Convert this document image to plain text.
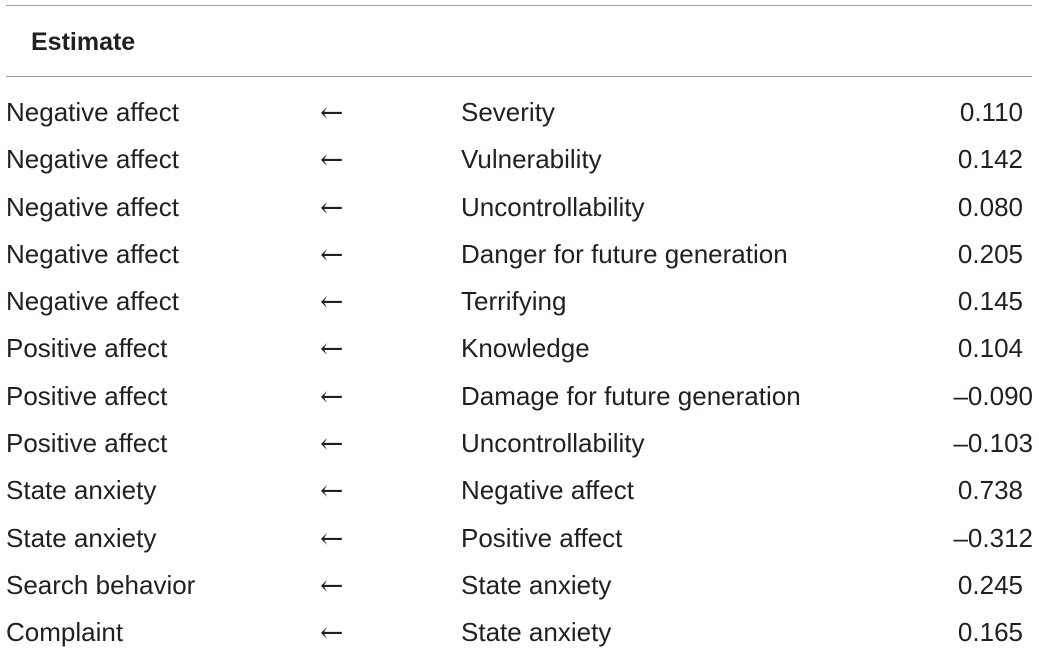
Estimate
Negative affect	←	Severity	0.110
Negative affect	←	Vulnerability	0.142
Negative affect	←	Uncontrollability	0.080
Negative affect	←	Danger for future generation	0.205
Negative affect	←	Terrifying	0.145
Positive affect	←	Knowledge	0.104
Positive affect	←	Damage for future generation	–0.090
Positive affect	←	Uncontrollability	–0.103
State anxiety	←	Negative affect	0.738
State anxiety	←	Positive affect	–0.312
Search behavior	←	State anxiety	0.245
Complaint	←	State anxiety	0.165
